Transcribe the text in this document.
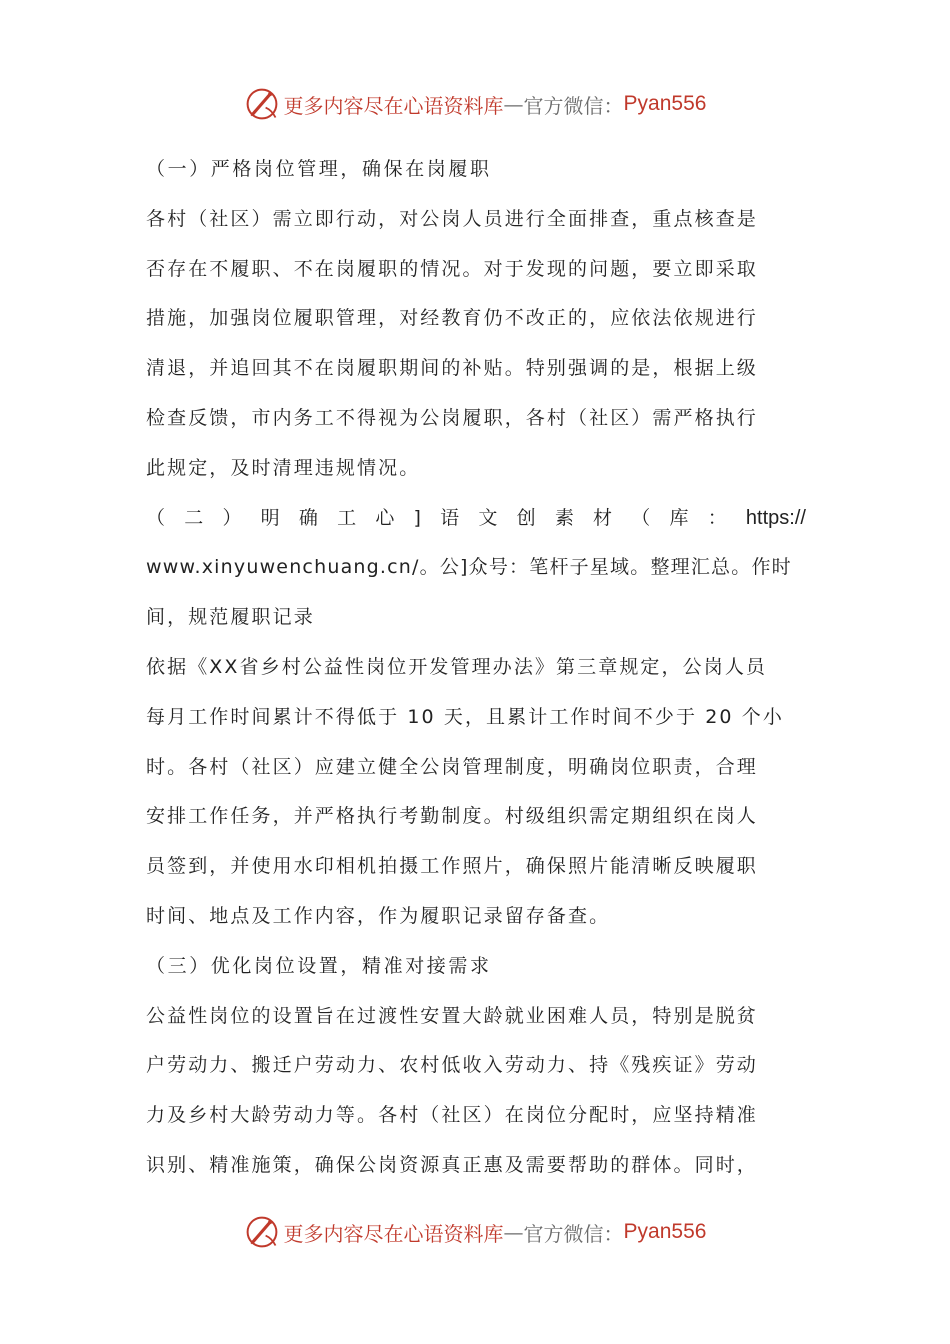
更多内容尽在心语资料库 — 官方微信： Pyan556
（一）严格岗位管理，确保在岗履职
各村（社区）需立即行动，对公岗人员进行全面排查，重点核查是
否存在不履职、不在岗履职的情况。对于发现的问题，要立即采取
措施，加强岗位履职管理，对经教育仍不改正的，应依法依规进行
清退，并追回其不在岗履职期间的补贴。特别强调的是，根据上级
检查反馈，市内务工不得视为公岗履职，各村（社区）需严格执行
此规定，及时清理违规情况。
（ 二 ） 明 确 工 心 ] 语 文 创 素 材 （ 库 ： https://
www.xinyuwenchuang.cn/。公]众号：笔杆子星域。整理汇总。作时
间，规范履职记录
依据《XX省乡村公益性岗位开发管理办法》第三章规定，公岗人员
每月工作时间累计不得低于 10 天，且累计工作时间不少于 20 个小
时。各村（社区）应建立健全公岗管理制度，明确岗位职责，合理
安排工作任务，并严格执行考勤制度。村级组织需定期组织在岗人
员签到，并使用水印相机拍摄工作照片，确保照片能清晰反映履职
时间、地点及工作内容，作为履职记录留存备查。
（三）优化岗位设置，精准对接需求
公益性岗位的设置旨在过渡性安置大龄就业困难人员，特别是脱贫
户劳动力、搬迁户劳动力、农村低收入劳动力、持《残疾证》劳动
力及乡村大龄劳动力等。各村（社区）在岗位分配时，应坚持精准
识别、精准施策，确保公岗资源真正惠及需要帮助的群体。同时，
更多内容尽在心语资料库 — 官方微信： Pyan556
